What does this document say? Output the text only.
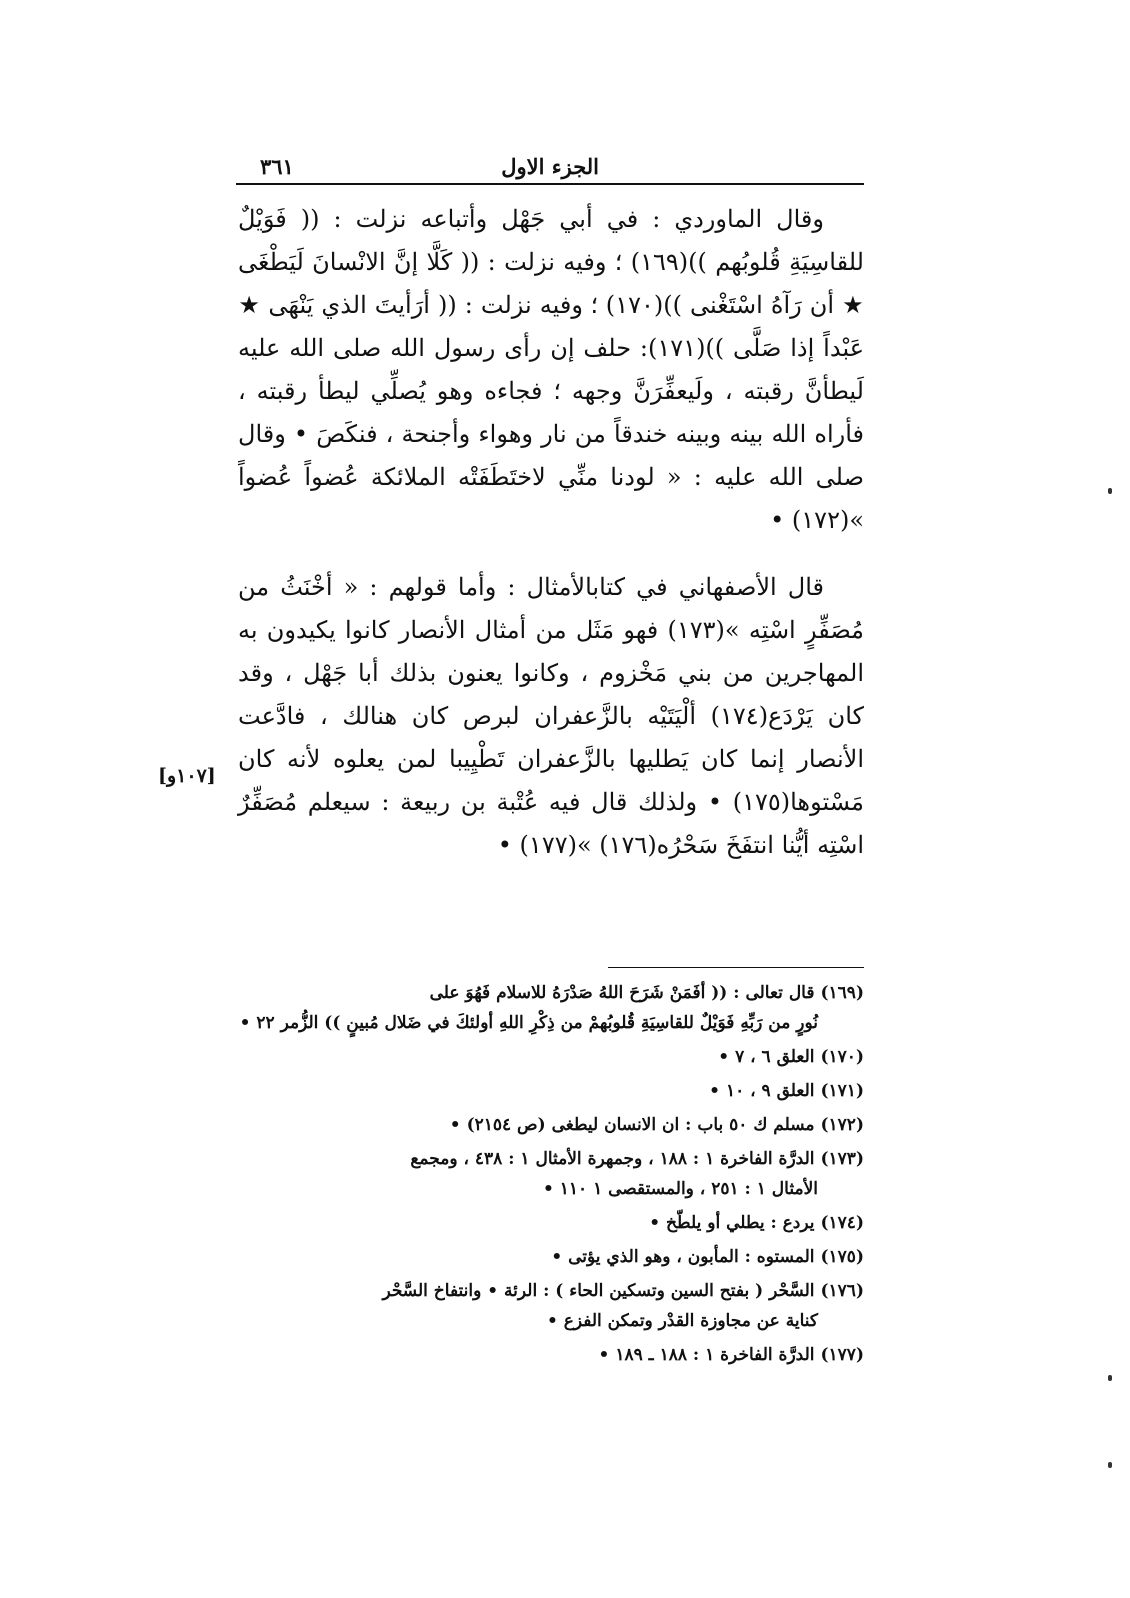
الجزء الاول
٣٦١

وقال الماوردي : في أبي جَهْل وأتباعه نزلت : (( فَوَيْلٌ للقاسِيَةِ قُلوبُهم ))(١٦٩) ؛ وفيه نزلت : (( كَلَّا إنَّ الانْسانَ لَيَطْغَى ★ أن رَآهُ اسْتَغْنى ))(١٧٠) ؛ وفيه نزلت : (( أرَأيتَ الذي يَنْهَى ★ عَبْداً إذا صَلَّى ))(١٧١): حلف إن رأى رسول الله صلى الله عليه لَيطأنَّ رقبته ، ولَيعفِّرَنَّ وجهه ؛ فجاءه وهو يُصلِّي ليطأ رقبته ، فأراه الله بينه وبينه خندقاً من نار وهواء وأجنحة ، فنكَصَ • وقال صلى الله عليه : « لودنا منِّي لاختَطَفَتْه الملائكة عُضواً عُضواً »(١٧٢) •

قال الأصفهاني في كتابالأمثال : وأما قولهم : « أخْنَثُ من مُصَفِّرٍ اسْتِه »(١٧٣) فهو مَثَل من أمثال الأنصار كانوا يكيدون به المهاجرين من بني مَخْزوم ، وكانوا يعنون بذلك أبا جَهْل ، وقد كان يَرْدَع(١٧٤) ألْيَتَيْه بالزَّعفران لبرص كان هنالك ، فادَّعت الأنصار إنما كان يَطليها بالزَّعفران تَطْيِيبا لمن يعلوه لأنه كان مَسْتوها(١٧٥) • ولذلك قال فيه عُتْبة بن ربيعة : سيعلم مُصَفِّرٌ اسْتِه أيُّنا انتفَخَ سَحْرُه(١٧٦) »(١٧٧) •

[١٠٧و]
(١٦٩)قال تعالى : (( أفَمَنْ شَرَحَ اللهُ صَدْرَهُ للاسلام فَهُوَ على
نُورٍ من رَبِّهِ فَوَيْلٌ للقاسِيَةِ قُلوبُهمْ من ذِكْرِ اللهِ أولئكَ في ضَلال مُبينٍ )) الزُّمر ٢٢ •
(١٧٠)العلق ٦ ، ٧ •
(١٧١)العلق ٩ ، ١٠ •
(١٧٢)مسلم ك ٥٠ باب : ان الانسان ليطغى (ص ٢١٥٤) •
(١٧٣)الدرَّة الفاخرة ١ : ١٨٨ ، وجمهرة الأمثال ١ : ٤٣٨ ، ومجمع
الأمثال ١ : ٢٥١ ، والمستقصى ١ ١١٠ •
(١٧٤)يردع : يطلي أو يلطّخ •
(١٧٥)المستوه : المأبون ، وهو الذي يؤتى •
(١٧٦)السَّحْر ( بفتح السين وتسكين الحاء ) : الرئة • وانتفاخ السَّحْر
كناية عن مجاوزة القدْر وتمكن الفزع •
(١٧٧)الدرَّة الفاخرة ١ : ١٨٨ ـ ١٨٩ •
